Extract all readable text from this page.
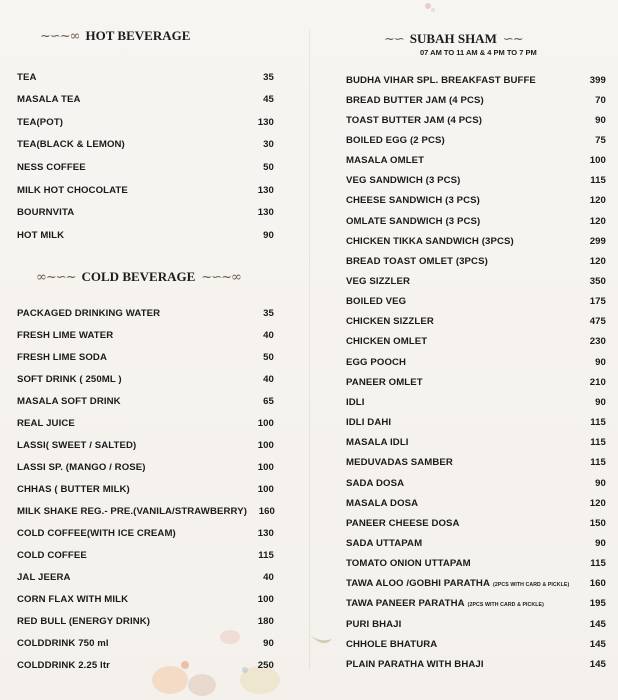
~∽~∞ HOT BEVERAGE
TEA	35
MASALA TEA	45
TEA(POT)	130
TEA(BLACK & LEMON)	30
NESS COFFEE	50
MILK HOT CHOCOLATE	130
BOURNVITA	130
HOT MILK	90
∞~∽~ COLD BEVERAGE ~∽~∞
PACKAGED DRINKING WATER	35
FRESH LIME WATER	40
FRESH LIME SODA	50
SOFT DRINK ( 250ML )	40
MASALA SOFT DRINK	65
REAL JUICE	100
LASSI( SWEET / SALTED)	100
LASSI SP. (MANGO / ROSE)	100
CHHAS ( BUTTER MILK)	100
MILK SHAKE REG.- PRE.(VANILA/STRAWBERRY)	160
COLD COFFEE(WITH ICE CREAM)	130
COLD COFFEE	115
JAL JEERA	40
CORN FLAX WITH MILK	100
RED BULL (ENERGY DRINK)	180
COLDDRINK 750 ml	90
COLDDRINK 2.25 ltr	250
~∽ SUBAH SHAM ∽~
07 AM TO 11 AM & 4 PM TO 7 PM
BUDHA VIHAR SPL. BREAKFAST BUFFE	399
BREAD BUTTER JAM (4 PCS)	70
TOAST BUTTER JAM (4 PCS)	90
BOILED EGG (2 PCS)	75
MASALA OMLET	100
VEG SANDWICH (3 PCS)	115
CHEESE SANDWICH (3 PCS)	120
OMLATE SANDWICH (3 PCS)	120
CHICKEN TIKKA SANDWICH (3PCS)	299
BREAD TOAST OMLET (3PCS)	120
VEG SIZZLER	350
BOILED VEG	175
CHICKEN SIZZLER	475
CHICKEN OMLET	230
EGG POOCH	90
PANEER OMLET	210
IDLI	90
IDLI DAHI	115
MASALA IDLI	115
MEDUVADAS SAMBER	115
SADA DOSA	90
MASALA DOSA	120
PANEER CHEESE DOSA	150
SADA UTTAPAM	90
TOMATO ONION UTTAPAM	115
TAWA ALOO /GOBHI PARATHA (2PCS WITH CARD & PICKLE)	160
TAWA PANEER PARATHA (2PCS WITH CARD & PICKLE)	195
PURI BHAJI	145
CHHOLE BHATURA	145
PLAIN PARATHA WITH BHAJI	145
